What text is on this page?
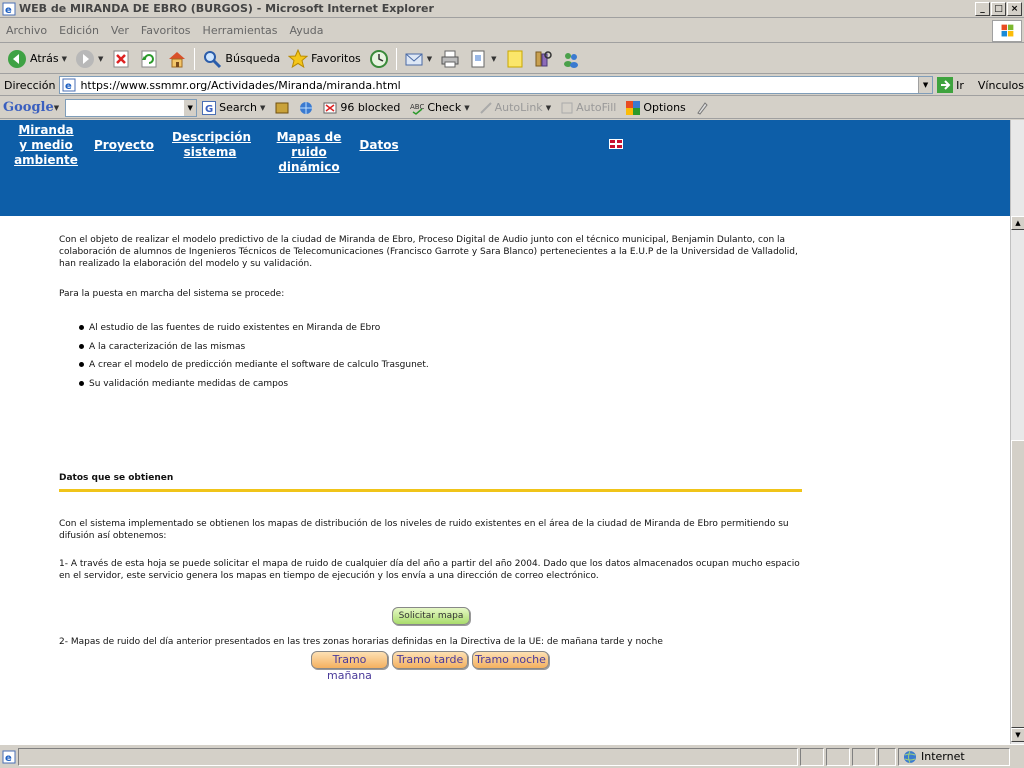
e WEB de MIRANDA DE EBRO (BURGOS) - Microsoft Internet Explorer	_	□ ×
Archivo	Edición	Ver	Favoritos	Herramientas	Ayuda
Atrás ▼	▼	Búsqueda	Favoritos	▼	▼
Dirección	e https://www.ssmmr.org/Actividades/Miranda/miranda.html	▼	Ir Vínculos
Google ▼	▼	G Search ▼	96 blocked ABC Check ▼ AutoLink ▼ AutoFill Options
Miranda y medio ambiente
Proyecto
Descripción sistema
Mapas de ruido dinámico
Datos

Con el objeto de realizar el modelo predictivo de la ciudad de Miranda de Ebro, Proceso Digital de Audio junto con el técnico municipal, Benjamin Dulanto, con la colaboración de alumnos de Ingenieros Técnicos de Telecomunicaciones (Francisco Garrote y Sara Blanco) pertenecientes a la E.U.P de la Universidad de Valladolid, han realizado la elaboración del modelo y su validación.

Para la puesta en marcha del sistema se procede:

Al estudio de las fuentes de ruido existentes en Miranda de Ebro
A la caracterización de las mismas
A crear el modelo de predicción mediante el software de calculo Trasgunet.
Su validación mediante medidas de campos
Datos que se obtienen

Con el sistema implementado se obtienen los mapas de distribución de los niveles de ruido existentes en el área de la ciudad de Miranda de Ebro permitiendo su difusión así obtenemos:

1- A través de esta hoja se puede solicitar el mapa de ruido de cualquier día del año a partir del año 2004. Dado que los datos almacenados ocupan mucho espacio en el servidor, este servicio genera los mapas en tiempo de ejecución y los envía a una dirección de correo electrónico.

2- Mapas de ruido del día anterior presentados en las tres zonas horarias definidas en la Directiva de la UE: de mañana tarde y noche

Solicitar mapa
Tramo mañana
Tramo tarde	Tramo noche
▲
▼
e	Internet
